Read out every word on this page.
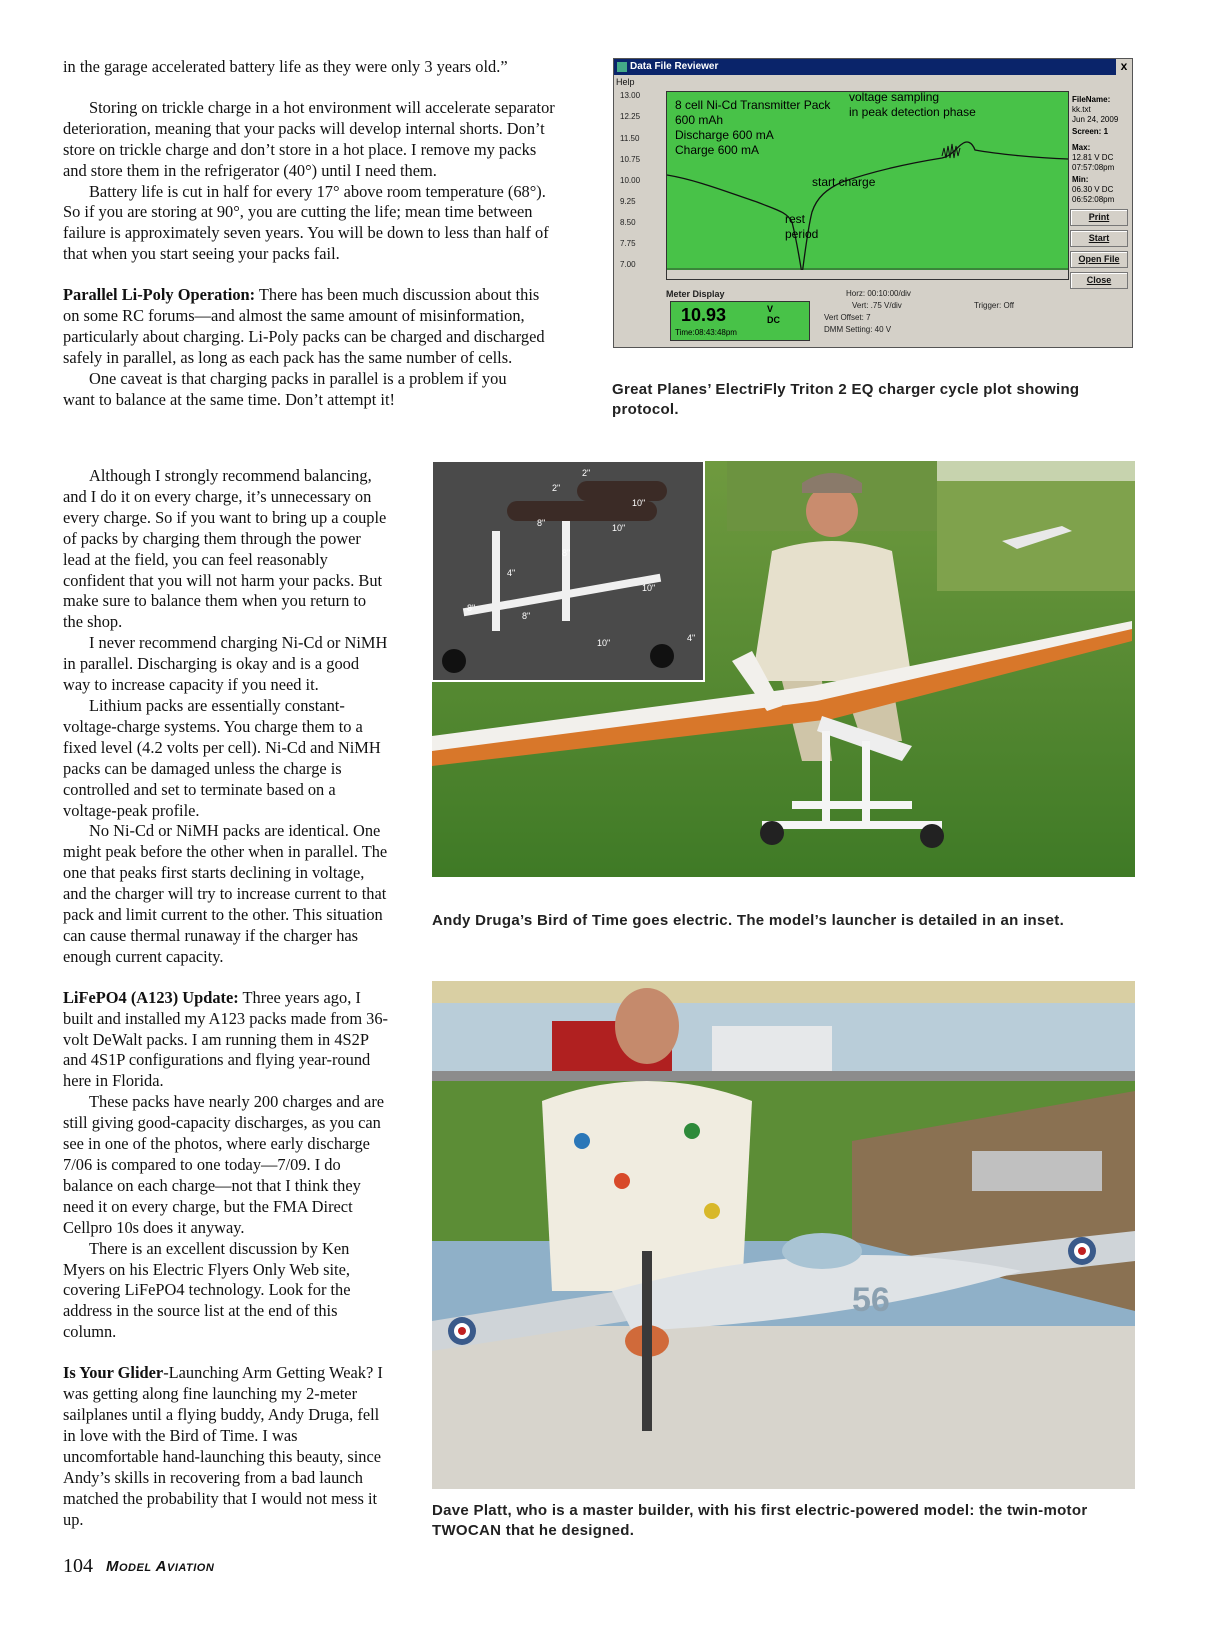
in the garage accelerated battery life as they were only 3 years old.”

Storing on trickle charge in a hot environment will accelerate separator deterioration, meaning that your packs will develop internal shorts. Don’t store on trickle charge and don’t store in a hot place. I remove my packs and store them in the refrigerator (40°) until I need them.

Battery life is cut in half for every 17° above room temperature (68°). So if you are storing at 90°, you are cutting the life; mean time between failure is approximately seven years. You will be down to less than half of that when you start seeing your packs fail.

Parallel Li-Poly Operation: There has been much discussion about this on some RC forums—and almost the same amount of misinformation, particularly about charging. Li-Poly packs can be charged and discharged safely in parallel, as long as each pack has the same number of cells.

One caveat is that charging packs in parallel is a problem if you want to balance at the same time. Don’t attempt it!

Although I strongly recommend balancing, and I do it on every charge, it’s unnecessary on every charge. So if you want to bring up a couple of packs by charging them through the power lead at the field, you can feel reasonably confident that you will not harm your packs. But make sure to balance them when you return to the shop.

I never recommend charging Ni-Cd or NiMH in parallel. Discharging is okay and is a good way to increase capacity if you need it.

Lithium packs are essentially constant-voltage-charge systems. You charge them to a fixed level (4.2 volts per cell). Ni-Cd and NiMH packs can be damaged unless the charge is controlled and set to terminate based on a voltage-peak profile.

No Ni-Cd or NiMH packs are identical. One might peak before the other when in parallel. The one that peaks first starts declining in voltage, and the charger will try to increase current to that pack and limit current to the other. This situation can cause thermal runaway if the charger has enough current capacity.

LiFePO4 (A123) Update: Three years ago, I built and installed my A123 packs made from 36-volt DeWalt packs. I am running them in 4S2P and 4S1P configurations and flying year-round here in Florida.

These packs have nearly 200 charges and are still giving good-capacity discharges, as you can see in one of the photos, where early discharge 7/06 is compared to one today—7/09. I do balance on each charge—not that I think they need it on every charge, but the FMA Direct Cellpro 10s does it anyway.

There is an excellent discussion by Ken Myers on his Electric Flyers Only Web site, covering LiFePO4 technology. Look for the address in the source list at the end of this column.

Is Your Glider-Launching Arm Getting Weak? I was getting along fine launching my 2-meter sailplanes until a flying buddy, Andy Druga, fell in love with the Bird of Time. I was uncomfortable hand-launching this beauty, since Andy’s skills in recovering from a bad launch matched the probability that I would not mess it up.

Data File Reviewer	x
Help
13.00
12.25
11.50
10.75
10.00
9.25
8.50
7.75
7.00
8 cell Ni-Cd Transmitter Pack
600 mAh
Discharge 600 mA
Charge 600 mA
voltage sampling
in peak detection phase
start charge
rest
period
FileName:
kk.txt
Jun 24, 2009
Screen: 1
Max:
12.81 V DC
07:57:08pm
Min:
06.30 V DC
06:52:08pm
Print
Start
Open File
Close
Meter Display
10.93	V
DC
Time:08:43:48pm
Horz: 00:10:00/div
Vert: .75 V/div
Vert Offset: 7
DMM Setting: 40 V
Trigger: Off
Great Planes’ ElectriFly Triton 2 EQ charger cycle plot showing protocol.
2"
2"
10"
10"
8"
8"
4"
8"
8"
10"
10"	4"
Andy Druga’s Bird of Time goes electric. The model’s launcher is detailed in an inset.
56
Dave Platt, who is a master builder, with his first electric-powered model: the twin-motor TWOCAN that he designed.
104 Model Aviation
